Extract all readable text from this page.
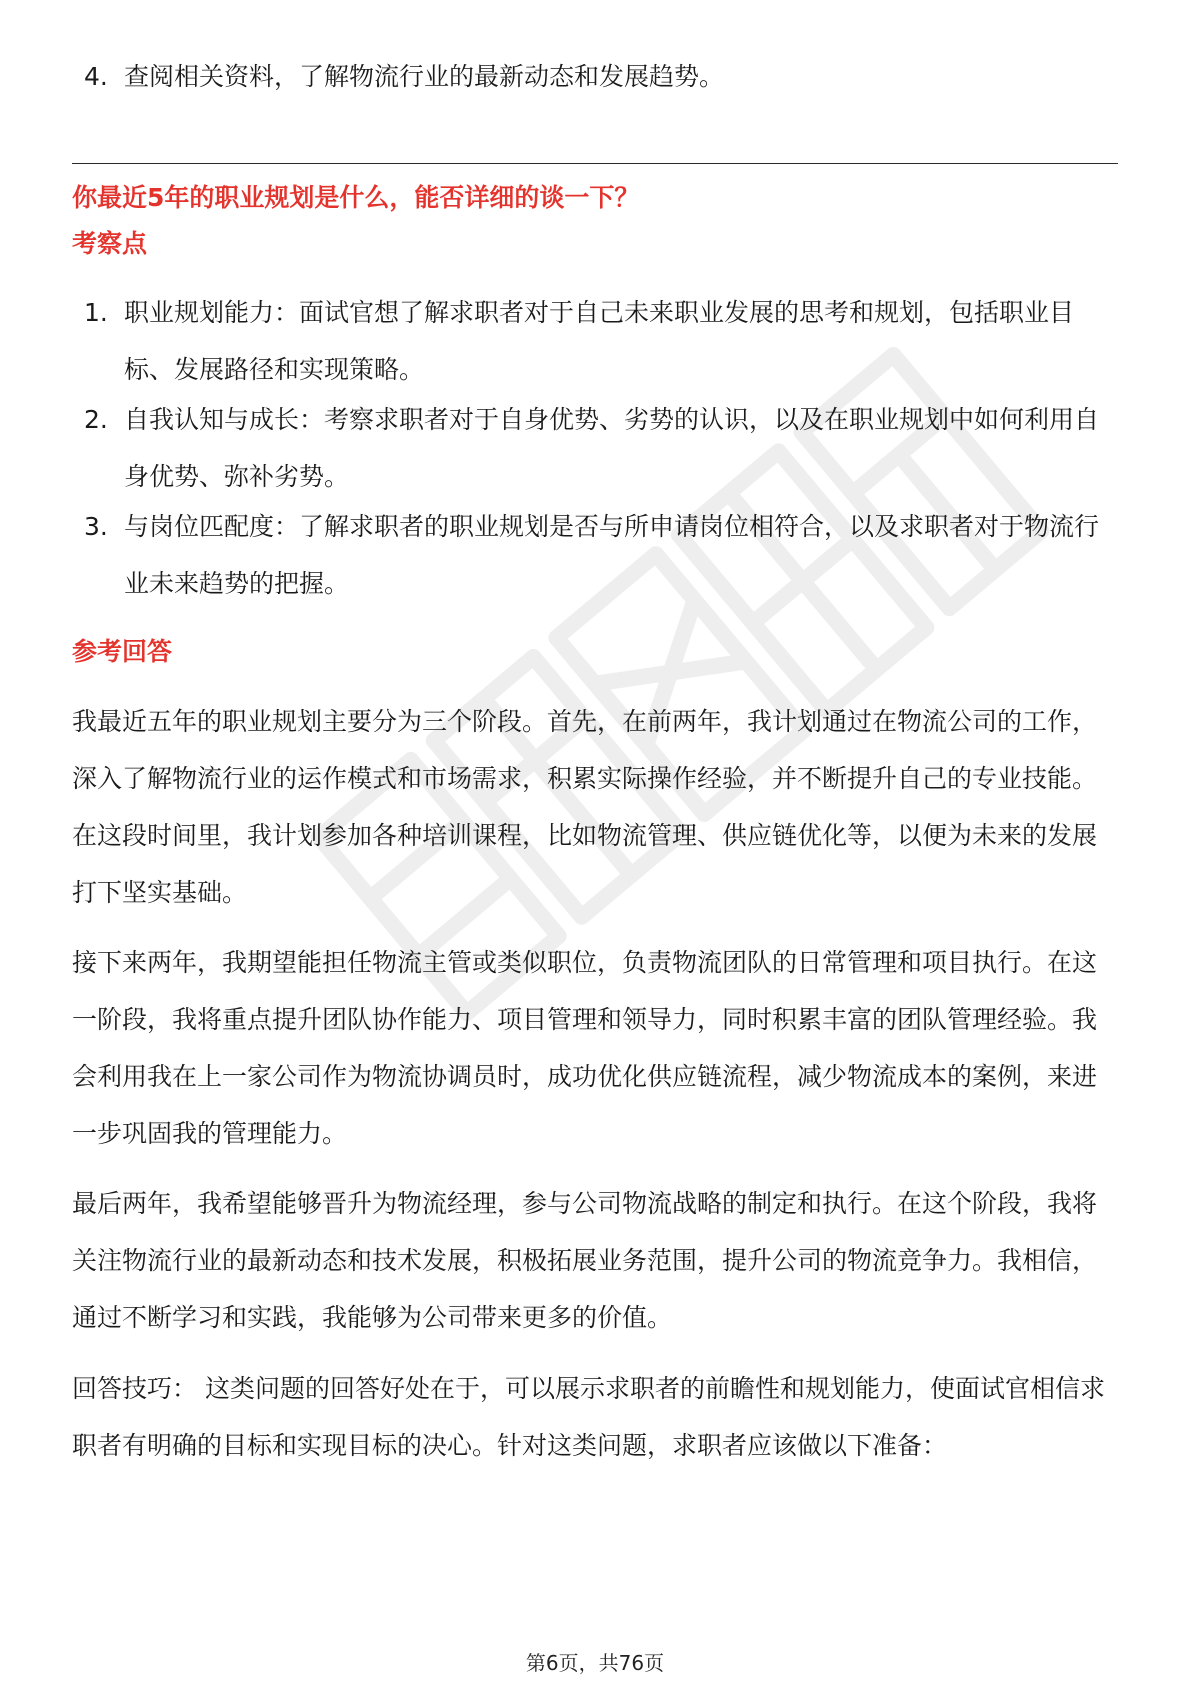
4. 查阅相关资料，了解物流行业的最新动态和发展趋势。
你最近5年的职业规划是什么，能否详细的谈一下？
考察点
1. 职业规划能力：面试官想了解求职者对于自己未来职业发展的思考和规划，包括职业目标、发展路径和实现策略。
2. 自我认知与成长：考察求职者对于自身优势、劣势的认识，以及在职业规划中如何利用自身优势、弥补劣势。
3. 与岗位匹配度：了解求职者的职业规划是否与所申请岗位相符合，以及求职者对于物流行业未来趋势的把握。
参考回答

我最近五年的职业规划主要分为三个阶段。首先，在前两年，我计划通过在物流公司的工作，深入了解物流行业的运作模式和市场需求，积累实际操作经验，并不断提升自己的专业技能。在这段时间里，我计划参加各种培训课程，比如物流管理、供应链优化等，以便为未来的发展打下坚实基础。

接下来两年，我期望能担任物流主管或类似职位，负责物流团队的日常管理和项目执行。在这一阶段，我将重点提升团队协作能力、项目管理和领导力，同时积累丰富的团队管理经验。我会利用我在上一家公司作为物流协调员时，成功优化供应链流程，减少物流成本的案例，来进一步巩固我的管理能力。

最后两年，我希望能够晋升为物流经理，参与公司物流战略的制定和执行。在这个阶段，我将关注物流行业的最新动态和技术发展，积极拓展业务范围，提升公司的物流竞争力。我相信，通过不断学习和实践，我能够为公司带来更多的价值。

回答技巧： 这类问题的回答好处在于，可以展示求职者的前瞻性和规划能力，使面试官相信求职者有明确的目标和实现目标的决心。针对这类问题，求职者应该做以下准备：

第6页，共76页
